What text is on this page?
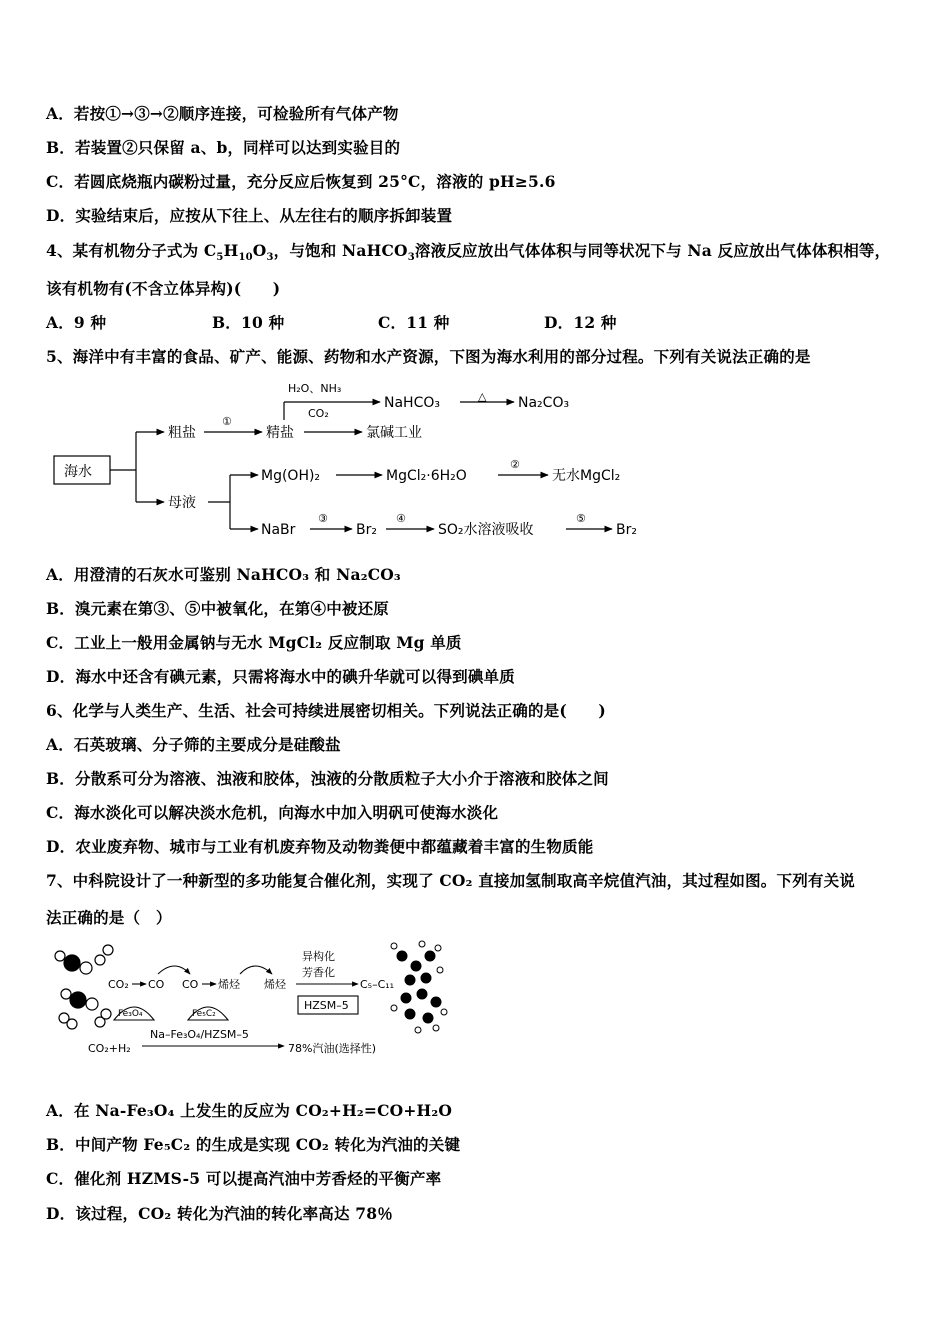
A．若按①→③→②顺序连接，可检验所有气体产物
B．若装置②只保留 a、b，同样可以达到实验目的
C．若圆底烧瓶内碳粉过量，充分反应后恢复到 25°C，溶液的 pH≥5.6
D．实验结束后，应按从下往上、从左往右的顺序拆卸装置
4、某有机物分子式为 $C_5H_{10}O_3$，与饱和 NaHCO$_3$溶液反应放出气体体积与同等状况下与 Na 反应放出气体体积相等，
该有机物有(不含立体异构)(　　)
A．9 种	B．10 种	C．11 种	D．12 种
5、海洋中有丰富的食品、矿产、能源、药物和水产资源，下图为海水利用的部分过程。下列有关说法正确的是
海水
粗盐
母液
①
精盐
H₂O、NH₃
CO₂
NaHCO₃	△ Na₂CO₃
氯碱工业
Mg(OH)₂	MgCl₂·6H₂O
②
无水MgCl₂
NaBr
③
Br₂
④
SO₂水溶液吸收
⑤
Br₂
A．用澄清的石灰水可鉴别 NaHCO₃ 和 Na₂CO₃
B．溴元素在第③、⑤中被氧化，在第④中被还原
C．工业上一般用金属钠与无水 MgCl₂ 反应制取 Mg 单质
D．海水中还含有碘元素，只需将海水中的碘升华就可以得到碘单质
6、化学与人类生产、生活、社会可持续进展密切相关。下列说法正确的是(　　)
A．石英玻璃、分子筛的主要成分是硅酸盐
B．分散系可分为溶液、浊液和胶体，浊液的分散质粒子大小介于溶液和胶体之间
C．海水淡化可以解决淡水危机，向海水中加入明矾可使海水淡化
D．农业废弃物、城市与工业有机废弃物及动物粪便中都蕴藏着丰富的生物质能
7、中科院设计了一种新型的多功能复合催化剂，实现了 CO₂ 直接加氢制取高辛烷值汽油，其过程如图。下列有关说
法正确的是（　）
CO₂ CO CO 烯烃 烯烃
异构化
芳香化
C₅–C₁₁
Fe₃O₄	Fe₅C₂
HZSM–5
CO₂+H₂
Na–Fe₃O₄/HZSM–5
78%汽油(选择性)
A．在 Na-Fe₃O₄ 上发生的反应为 CO₂+H₂=CO+H₂O
B．中间产物 Fe₅C₂ 的生成是实现 CO₂ 转化为汽油的关键
C．催化剂 HZMS-5 可以提高汽油中芳香烃的平衡产率
D．该过程，CO₂ 转化为汽油的转化率高达 78％
